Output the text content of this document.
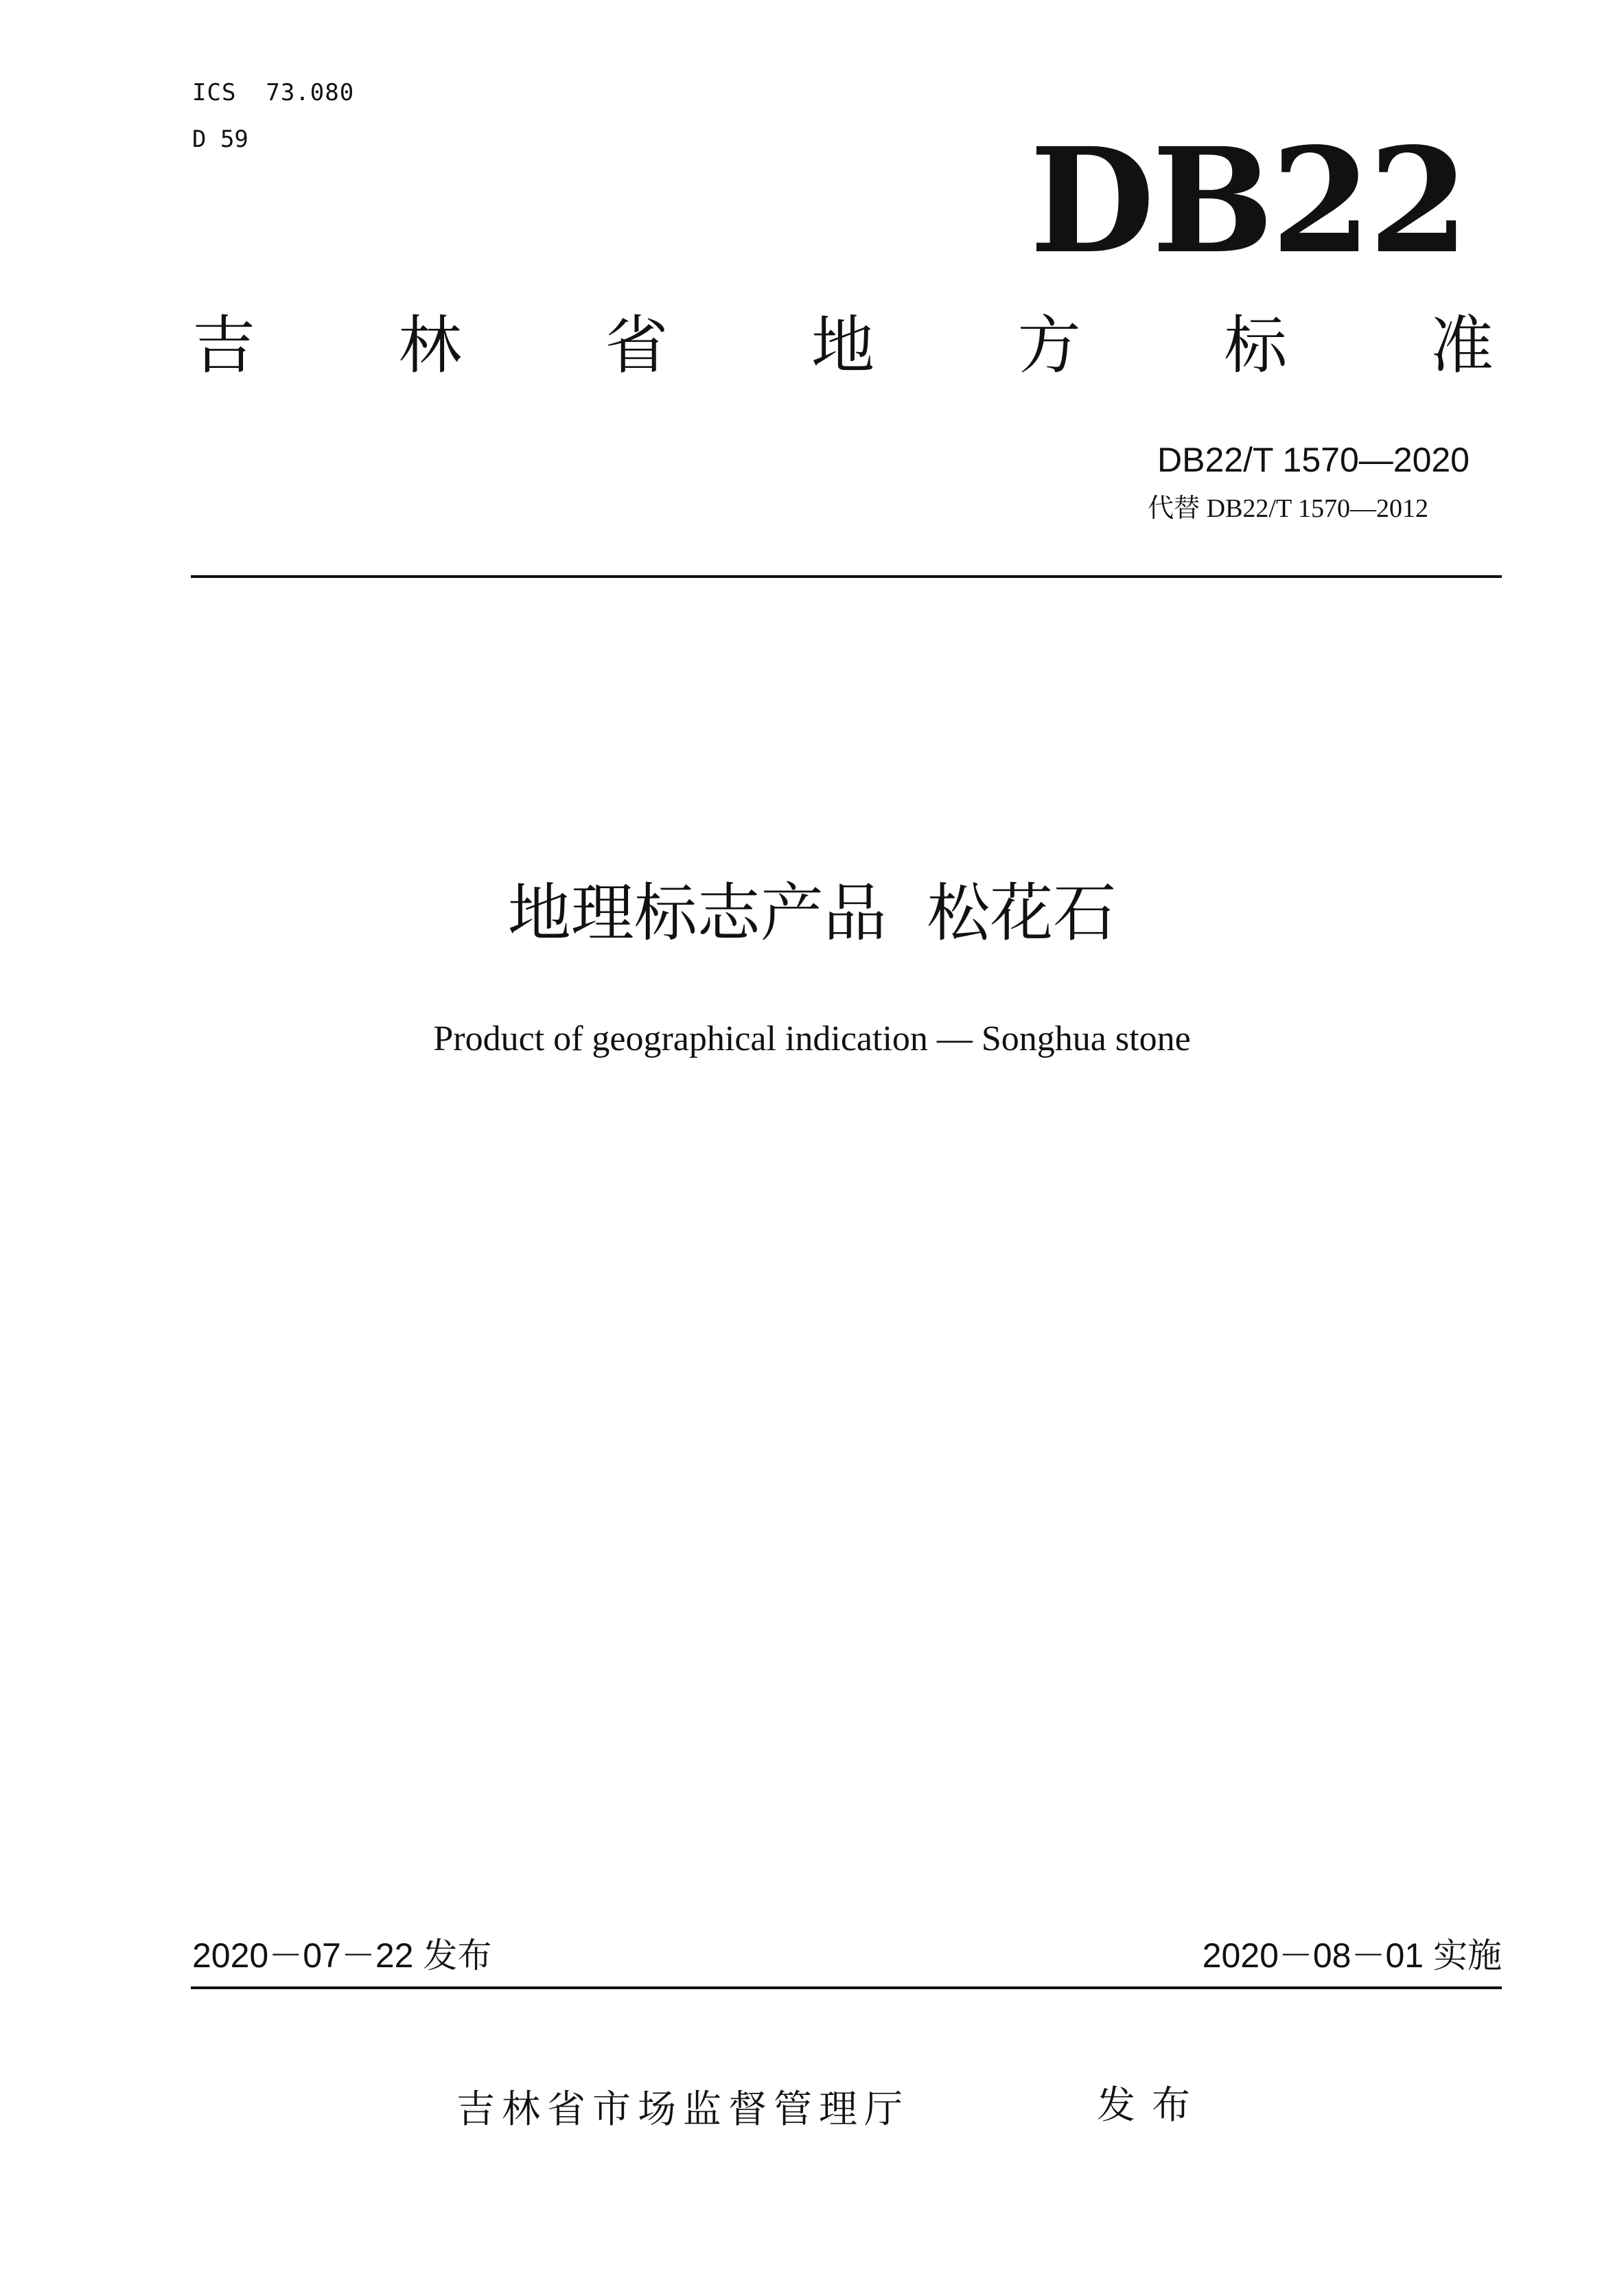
ICS  73.080
D 59	DB22
吉 林 省 地 方 标 准
DB22/T 1570—2020
代替 DB22/T 1570—2012
地理标志产品  松花石
Product of geographical indication — Songhua stone
2020－07－22 发布	2020－08－01 实施
吉林省市场监督管理厅	发布
